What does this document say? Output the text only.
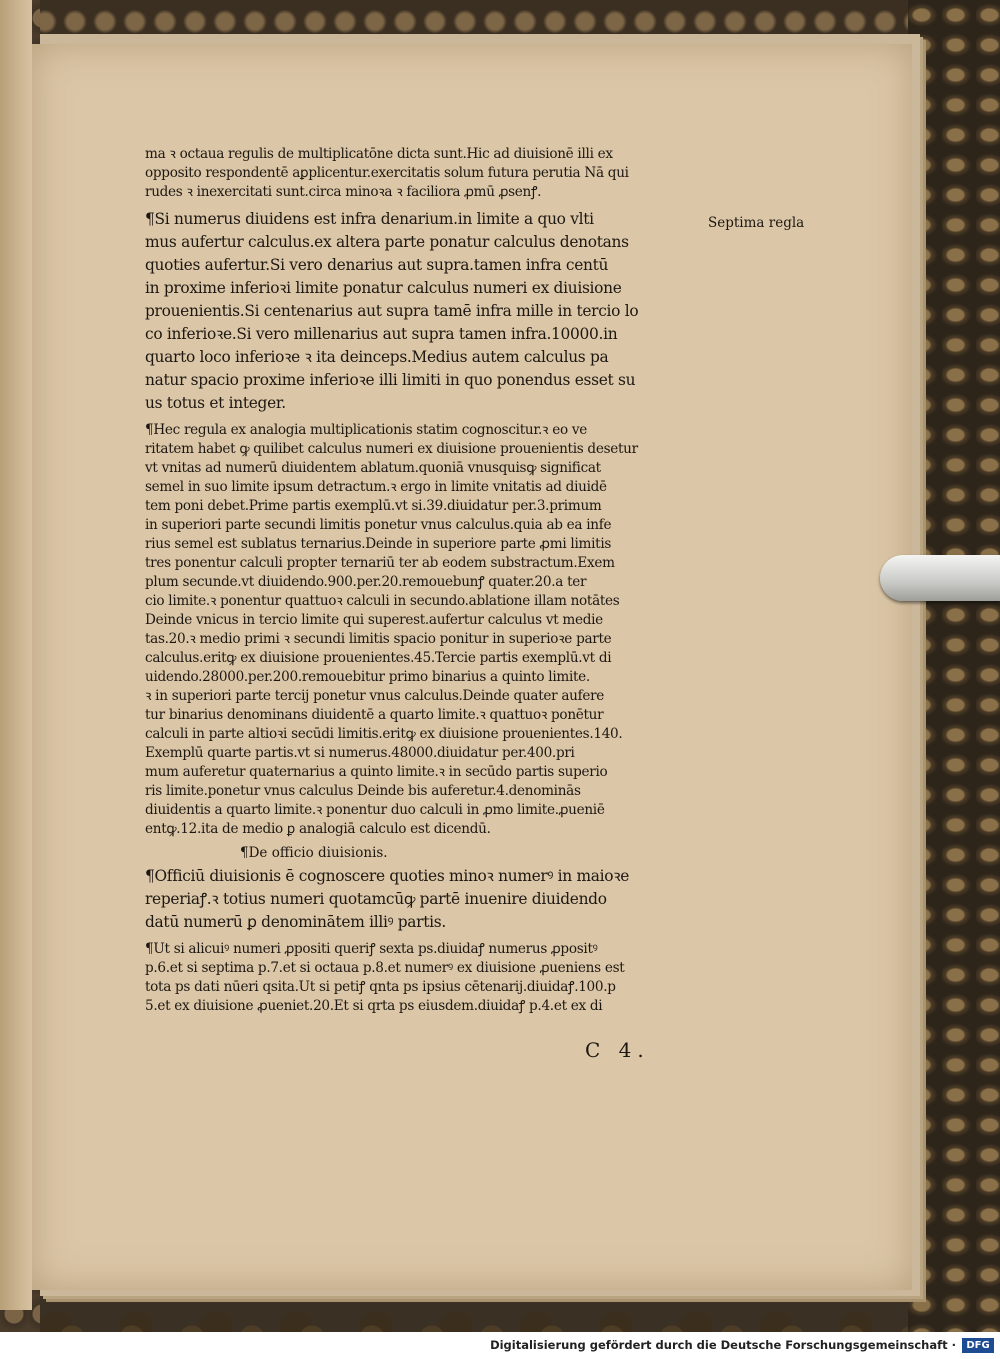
Septima regla
ma ꝛ octaua regulis de multiplicatōne dicta sunt.Hic ad diuisionē illi ex
opposito respondentē aꝑplicentur.exercitatis solum futura perutia Nā qui
rudes ꝛ inexercitati sunt.circa minoꝛa ꝛ faciliora ꝓmū ꝓsenꝭ.
¶Si numerus diuidens est infra denarium.in limite a quo vlti
mus aufertur calculus.ex altera parte ponatur calculus denotans
quoties aufertur.Si vero denarius aut supra.tamen infra centū
in proxime inferioꝛi limite ponatur calculus numeri ex diuisione
prouenientis.Si centenarius aut supra tamē infra mille in tercio lo
co inferioꝛe.Si vero millenarius aut supra tamen infra.10000.in
quarto loco inferioꝛe ꝛ ita deinceps.Medius autem calculus pa
natur spacio proxime inferioꝛe illi limiti in quo ponendus esset su
us totus et integer.
¶Hec regula ex analogia multiplicationis statim cognoscitur.ꝛ eo ve
ritatem habet ꝙ quilibet calculus numeri ex diuisione prouenientis desetur
vt vnitas ad numerū diuidentem ablatum.quoniā vnusquisꝙ significat
semel in suo limite ipsum detractum.ꝛ ergo in limite vnitatis ad diuidē
tem poni debet.Prime partis exemplū.vt si.39.diuidatur per.3.primum
in superiori parte secundi limitis ponetur vnus calculus.quia ab ea infe
rius semel est sublatus ternarius.Deinde in superiore parte ꝓmi limitis
tres ponentur calculi propter ternariū ter ab eodem substractum.Exem
plum secunde.vt diuidendo.900.per.20.remouebunꝭ quater.20.a ter
cio limite.ꝛ ponentur quattuoꝛ calculi in secundo.ablatione illam notātes
Deinde vnicus in tercio limite qui superest.aufertur calculus vt medie
tas.20.ꝛ medio primi ꝛ secundi limitis spacio ponitur in superioꝛe parte
calculus.eritꝙ ex diuisione prouenientes.45.Tercie partis exemplū.vt di
uidendo.28000.per.200.remouebitur primo binarius a quinto limite.
ꝛ in superiori parte tercij ponetur vnus calculus.Deinde quater aufere
tur binarius denominans diuidentē a quarto limite.ꝛ quattuoꝛ ponētur
calculi in parte altioꝛi secūdi limitis.eritꝙ ex diuisione prouenientes.140.
Exemplū quarte partis.vt si numerus.48000.diuidatur per.400.pri
mum auferetur quaternarius a quinto limite.ꝛ in secūdo partis superio
ris limite.ponetur vnus calculus Deinde bis auferetur.4.denominās
diuidentis a quarto limite.ꝛ ponentur duo calculi in ꝓmo limite.ꝓueniē
entꝙ.12.ita de medio ꝑ analogiā calculo est dicendū.
¶De officio diuisionis.
¶Officiū diuisionis ē cognoscere quoties minoꝛ numerꝰ in maioꝛe
reperiaꝭ.ꝛ totius numeri quotamcūꝙ partē inuenire diuidendo
datū numerū ꝑ denominātem illiꝰ partis.
¶Ut si alicuiꝰ numeri ꝓpositi queriꝭ sexta ps.diuidaꝭ numerus ꝓpositꝰ
p.6.et si septima p.7.et si octaua p.8.et numerꝰ ex diuisione ꝓueniens est
tota ps dati nūeri qsita.Ut si petiꝭ qnta ps ipsius cētenarij.diuidaꝭ.100.p
5.et ex diuisione ꝓueniet.20.Et si qrta ps eiusdem.diuidaꝭ p.4.et ex di
C 4.
Digitalisierung gefördert durch die Deutsche Forschungsgemeinschaft ·	DFG
